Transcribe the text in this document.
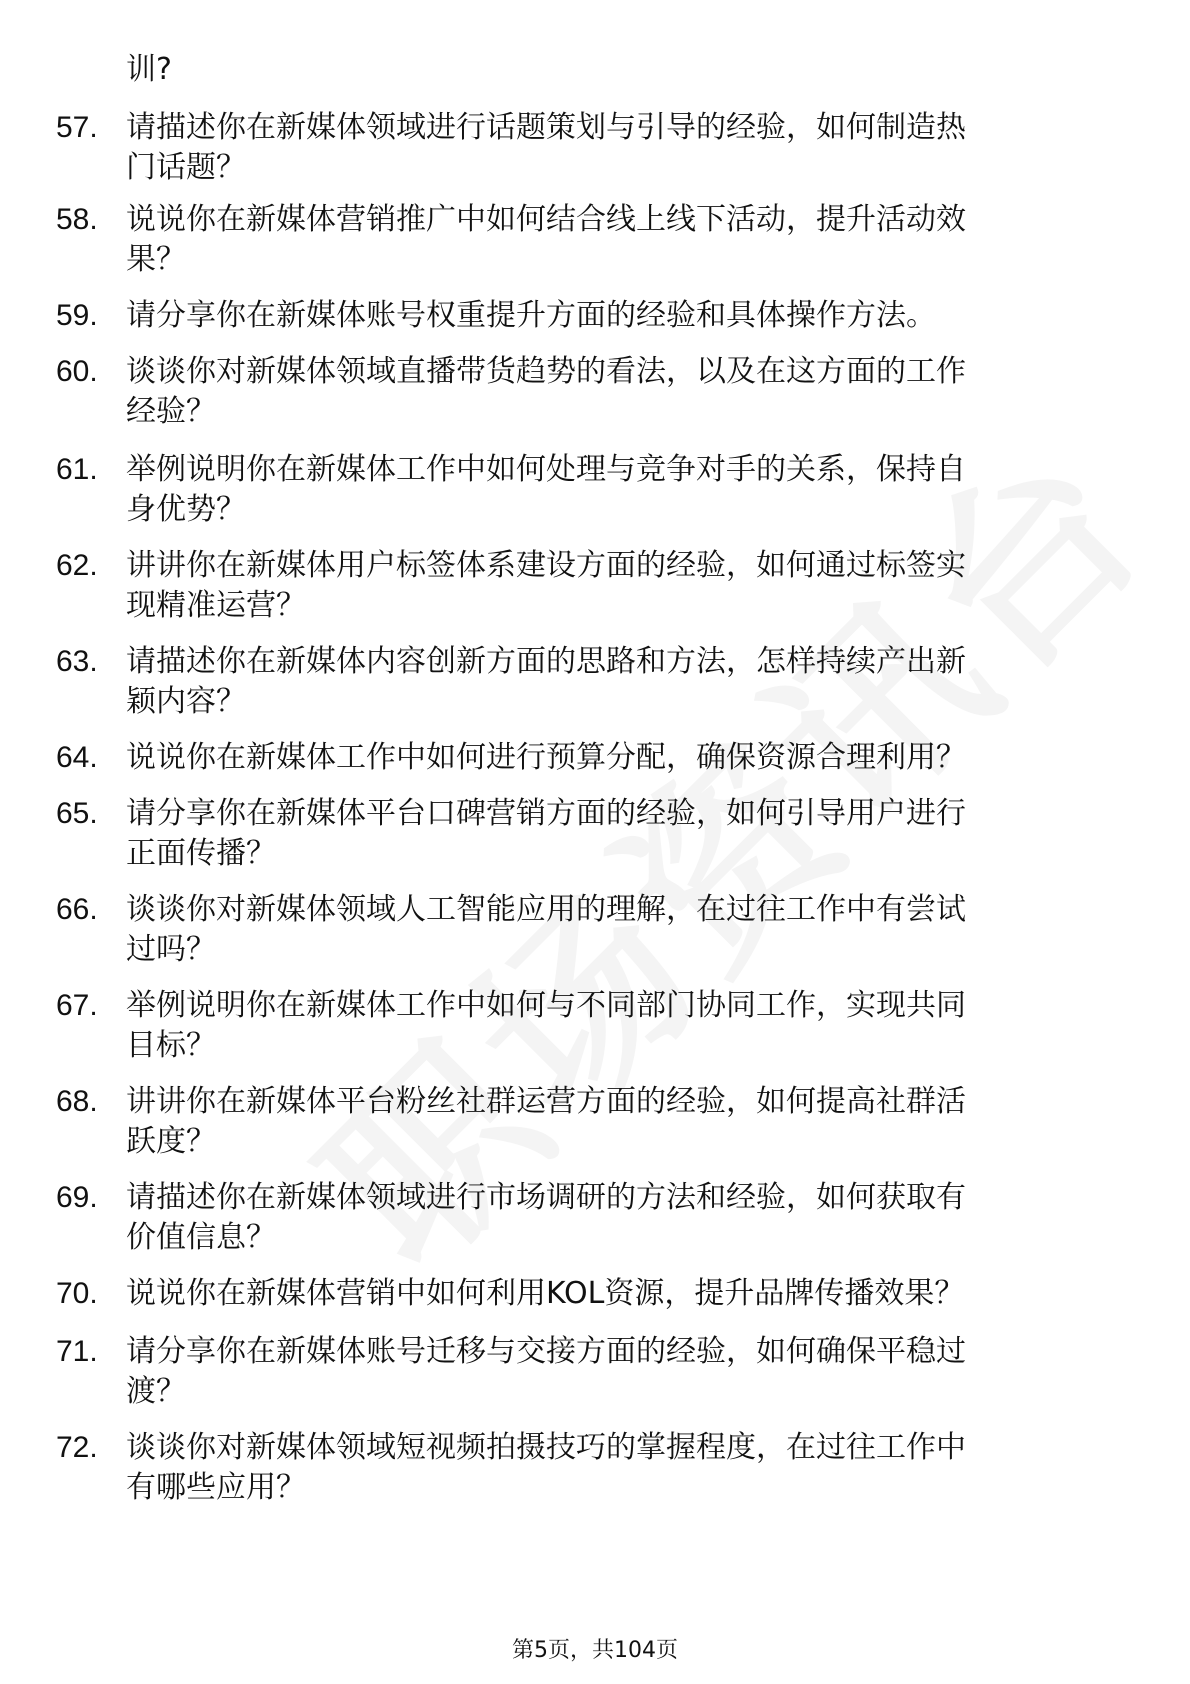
训?
57. 请描述你在新媒体领域进行话题策划与引导的经验，如何制造热
门话题？
58. 说说你在新媒体营销推广中如何结合线上线下活动，提升活动效
果？
59. 请分享你在新媒体账号权重提升方面的经验和具体操作方法。
60. 谈谈你对新媒体领域直播带货趋势的看法，以及在这方面的工作
经验？
61. 举例说明你在新媒体工作中如何处理与竞争对手的关系，保持自
身优势？
62. 讲讲你在新媒体用户标签体系建设方面的经验，如何通过标签实
现精准运营？
63. 请描述你在新媒体内容创新方面的思路和方法，怎样持续产出新
颖内容？
64. 说说你在新媒体工作中如何进行预算分配，确保资源合理利用？
65. 请分享你在新媒体平台口碑营销方面的经验，如何引导用户进行
正面传播？
66. 谈谈你对新媒体领域人工智能应用的理解，在过往工作中有尝试
过吗？
67. 举例说明你在新媒体工作中如何与不同部门协同工作，实现共同
目标？
68. 讲讲你在新媒体平台粉丝社群运营方面的经验，如何提高社群活
跃度？
69. 请描述你在新媒体领域进行市场调研的方法和经验，如何获取有
价值信息？
70. 说说你在新媒体营销中如何利用KOL资源，提升品牌传播效果？
71. 请分享你在新媒体账号迁移与交接方面的经验，如何确保平稳过
渡？
72. 谈谈你对新媒体领域短视频拍摄技巧的掌握程度，在过往工作中
有哪些应用？
第5页，共104页
